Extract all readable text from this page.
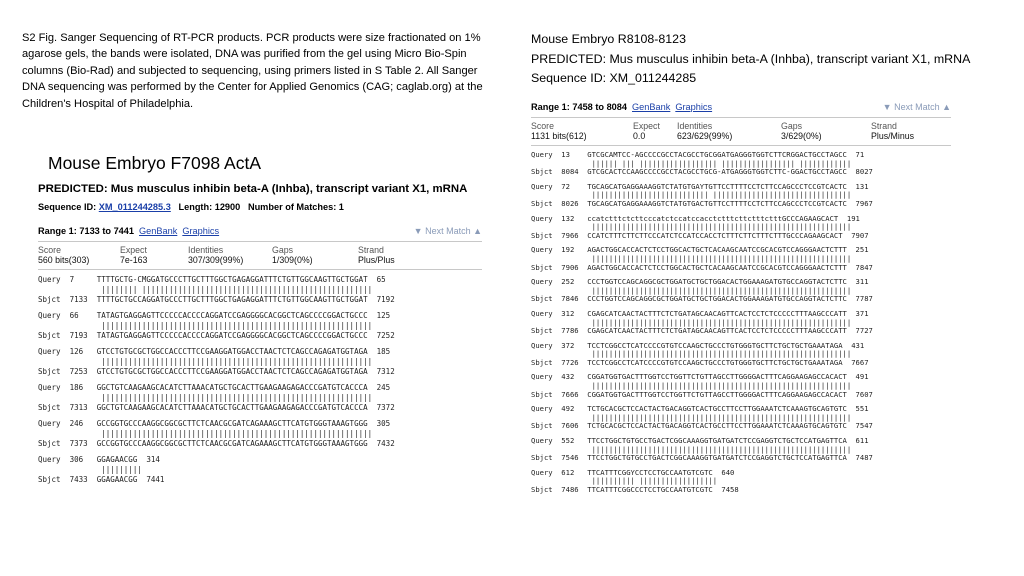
S2 Fig. Sanger Sequencing of RT-PCR products. PCR products were size fractionated on 1% agarose gels, the bands were isolated, DNA was purified from the gel using Micro Bio-Spin columns (Bio-Rad) and subjected to sequencing, using primers listed in S Table 2. All Sanger DNA sequencing was performed by the Center for Applied Genomics (CAG; caglab.org) at the Children's Hospital of Philadelphia.
Mouse Embryo R8108-8123
PREDICTED: Mus musculus inhibin beta-A (Inhba), transcript variant X1, mRNA Sequence ID: XM_011244285
Mouse Embryo F7098 ActA
PREDICTED: Mus musculus inhibin beta-A (Inhba), transcript variant X1, mRNA
Sequence ID: XM_011244285.3 Length: 12900 Number of Matches: 1
Range 1: 7133 to 7441 GenBank Graphics	▼ Next Match ▲
Score	Expect	Identities	Gaps	Strand
560 bits(303)	7e-163	307/309(99%)	1/309(0%)	Plus/Plus
Query  7     TTTTGCTG-CMGGATGCCCTTGCTTTGGCTGAGAGGATTTCTGTTGGCAAGTTGCTGGAT  65
|||||||| |||||||||||||||||||||||||||||||||||||||||||||||||||
Sbjct  7133  TTTTGCTGCCAGGATGCCCTTGCTTTGGCTGAGAGGATTTCTGTTGGCAAGTTGCTGGAT  7192
Query  66    TATAGTGAGGAGTTCCCCCACCCCAGGATCCGAGGGGCACGGCTCAGCCCCGGACTGCCC  125
||||||||||||||||||||||||||||||||||||||||||||||||||||||||||||
Sbjct  7193  TATAGTGAGGAGTTCCCCCACCCCAGGATCCGAGGGGCACGGCTCAGCCCCGGACTGCCC  7252
Query  126   GTCCTGTGCGCTGGCCACCCTTCCGAAGGATGGACCTAACTCTCAGCCAGAGATGGTAGA  185
||||||||||||||||||||||||||||||||||||||||||||||||||||||||||||
Sbjct  7253  GTCCTGTGCGCTGGCCACCCTTCCGAAGGATGGACCTAACTCTCAGCCAGAGATGGTAGA  7312
Query  186   GGCTGTCAAGAAGCACATCTTAAACATGCTGCACTTGAAGAAGAGACCCGATGTCACCCA  245
||||||||||||||||||||||||||||||||||||||||||||||||||||||||||||
Sbjct  7313  GGCTGTCAAGAAGCACATCTTAAACATGCTGCACTTGAAGAAGAGACCCGATGTCACCCA  7372
Query  246   GCCGGTGCCCAAGGCGGCGCTTCTCAACGCGATCAGAAAGCTTCATGTGGGTAAAGTGGG  305
||||||||||||||||||||||||||||||||||||||||||||||||||||||||||||
Sbjct  7373  GCCGGTGCCCAAGGCGGCGCTTCTCAACGCGATCAGAAAGCTTCATGTGGGTAAAGTGGG  7432
Query  306   GGAGAACGG  314
|||||||||
Sbjct  7433  GGAGAACGG  7441
Range 1: 7458 to 8084 GenBank Graphics	▼ Next Match ▲
Score	Expect	Identities	Gaps	Strand
1131 bits(612)	0.0	623/629(99%)	3/629(0%)	Plus/Minus
Query  13    GTCGCAMTCC-AGCCCCGCCTACGCCTGCGGATGAGGGTGGTCTTCRGGACTGCCTAGCC  71
|||||| ||| |||||||||||||||||| ||||||||||||||||| ||||||||||||
Sbjct  8084  GTCGCACTCCAAGCCCCGCCTACGCCTGCG-ATGAGGGTGGTCTTC-GGACTGCCTAGCC  8027
Query  72    TGCAGCATGAGGAAAGGTCTATGTGAYTGTTCCTTTTCCTCTTCCAGCCCTCCGTCACTC  131
||||||||||||||||||||||||||| ||||||||||||||||||||||||||||||||
Sbjct  8026  TGCAGCATGAGGAAAGGTCTATGTGACTGTTCCTTTTCCTCTTCCAGCCCTCCGTCACTC  7967
Query  132   ccatctttctcttcccatctccatccacctctttcttctttctttGCCCAGAAGCACT  191
||||||||||||||||||||||||||||||||||||||||||||||||||||||||||||
Sbjct  7966  CCATCTTTCTTCTTCCCATCTCCATCCACCTCTTTCTTCTTTCTTTGCCCAGAAGCACT  7907
Query  192   AGACTGGCACCACTCTCCTGGCACTGCTCACAAGCAATCCGCACGTCCAGGGAACTCTTT  251
||||||||||||||||||||||||||||||||||||||||||||||||||||||||||||
Sbjct  7906  AGACTGGCACCACTCTCCTGGCACTGCTCACAAGCAATCCGCACGTCCAGGGAACTCTTT  7847
Query  252   CCCTGGTCCAGCAGGCGCTGGATGCTGCTGGACACTGGAAAGATGTGCCAGGTACTCTTC  311
||||||||||||||||||||||||||||||||||||||||||||||||||||||||||||
Sbjct  7846  CCCTGGTCCAGCAGGCGCTGGATGCTGCTGGACACTGGAAAGATGTGCCAGGTACTCTTC  7787
Query  312   CGAGCATCAACTACTTTCTCTGATAGCAACAGTTCACTCCTCTCCCCCTTTAAGCCCATT  371
||||||||||||||||||||||||||||||||||||||||||||||||||||||||||||
Sbjct  7786  CGAGCATCAACTACTTTCTCTGATAGCAACAGTTCACTCCTCTCCCCCTTTAAGCCCATT  7727
Query  372   TCCTCGGCCTCATCCCCGTGTCCAAGCTGCCCTGTGGGTGCTTCTGCTGCTGAAATAGA  431
||||||||||||||||||||||||||||||||||||||||||||||||||||||||||||
Sbjct  7726  TCCTCGGCCTCATCCCCGTGTCCAAGCTGCCCTGTGGGTGCTTCTGCTGCTGAAATAGA  7667
Query  432   CGGATGGTGACTTTGGTCCTGGTTCTGTTAGCCTTGGGGACTTTCAGGAAGAGCCACACT  491
||||||||||||||||||||||||||||||||||||||||||||||||||||||||||||
Sbjct  7666  CGGATGGTGACTTTGGTCCTGGTTCTGTTAGCCTTGGGGACTTTCAGGAAGAGCCACACT  7607
Query  492   TCTGCACGCTCCACTACTGACAGGTCACTGCCTTCCTTGGAAATCTCAAAGTGCAGTGTC  551
||||||||||||||||||||||||||||||||||||||||||||||||||||||||||||
Sbjct  7606  TCTGCACGCTCCACTACTGACAGGTCACTGCCTTCCTTGGAAATCTCAAAGTGCAGTGTC  7547
Query  552   TTCCTGGCTGTGCCTGACTCGGCAAAGGTGATGATCTCCGAGGTCTGCTCCATGAGTTCA  611
||||||||||||||||||||||||||||||||||||||||||||||||||||||||||||
Sbjct  7546  TTCCTGGCTGTGCCTGACTCGGCAAAGGTGATGATCTCCGAGGTCTGCTCCATGAGTTCA  7487
Query  612   TTCATTTCGGYCCTCCTGCCAATGTCGTC  640
|||||||||| ||||||||||||||||||
Sbjct  7486  TTCATTTCGGCCCTCCTGCCAATGTCGTC  7458
